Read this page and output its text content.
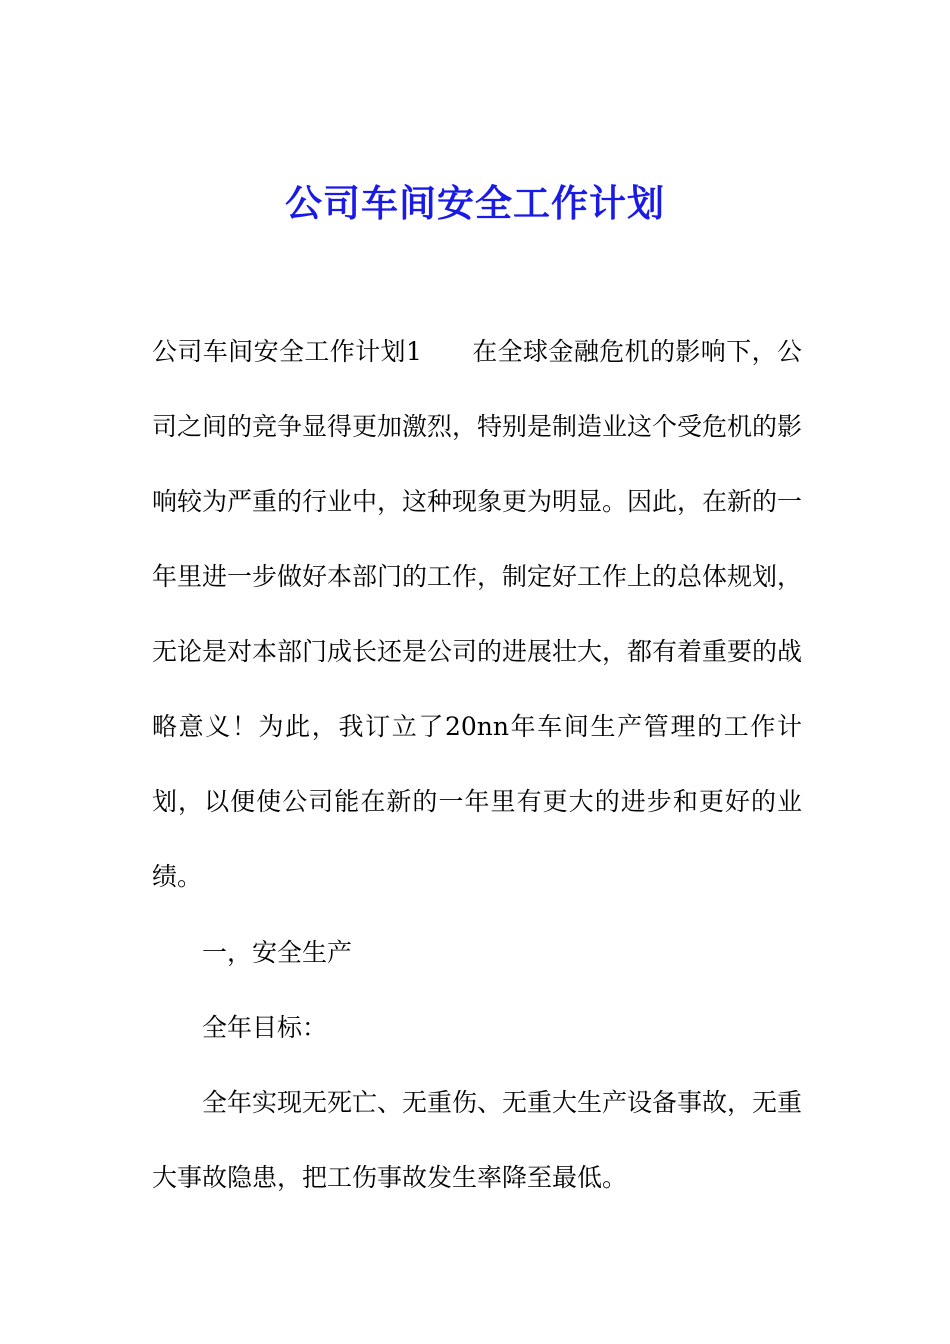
公司车间安全工作计划

公司车间安全工作计划1 在全球金融危机的影响下，公司之间的竞争显得更加激烈，特别是制造业这个受危机的影响较为严重的行业中，这种现象更为明显。因此，在新的一年里进一步做好本部门的工作，制定好工作上的总体规划，无论是对本部门成长还是公司的进展壮大，都有着重要的战略意义！为此，我订立了20nn年车间生产管理的工作计划，以便使公司能在新的一年里有更大的进步和更好的业绩。

一，安全生产

全年目标：

全年实现无死亡、无重伤、无重大生产设备事故，无重大事故隐患，把工伤事故发生率降至最低。
